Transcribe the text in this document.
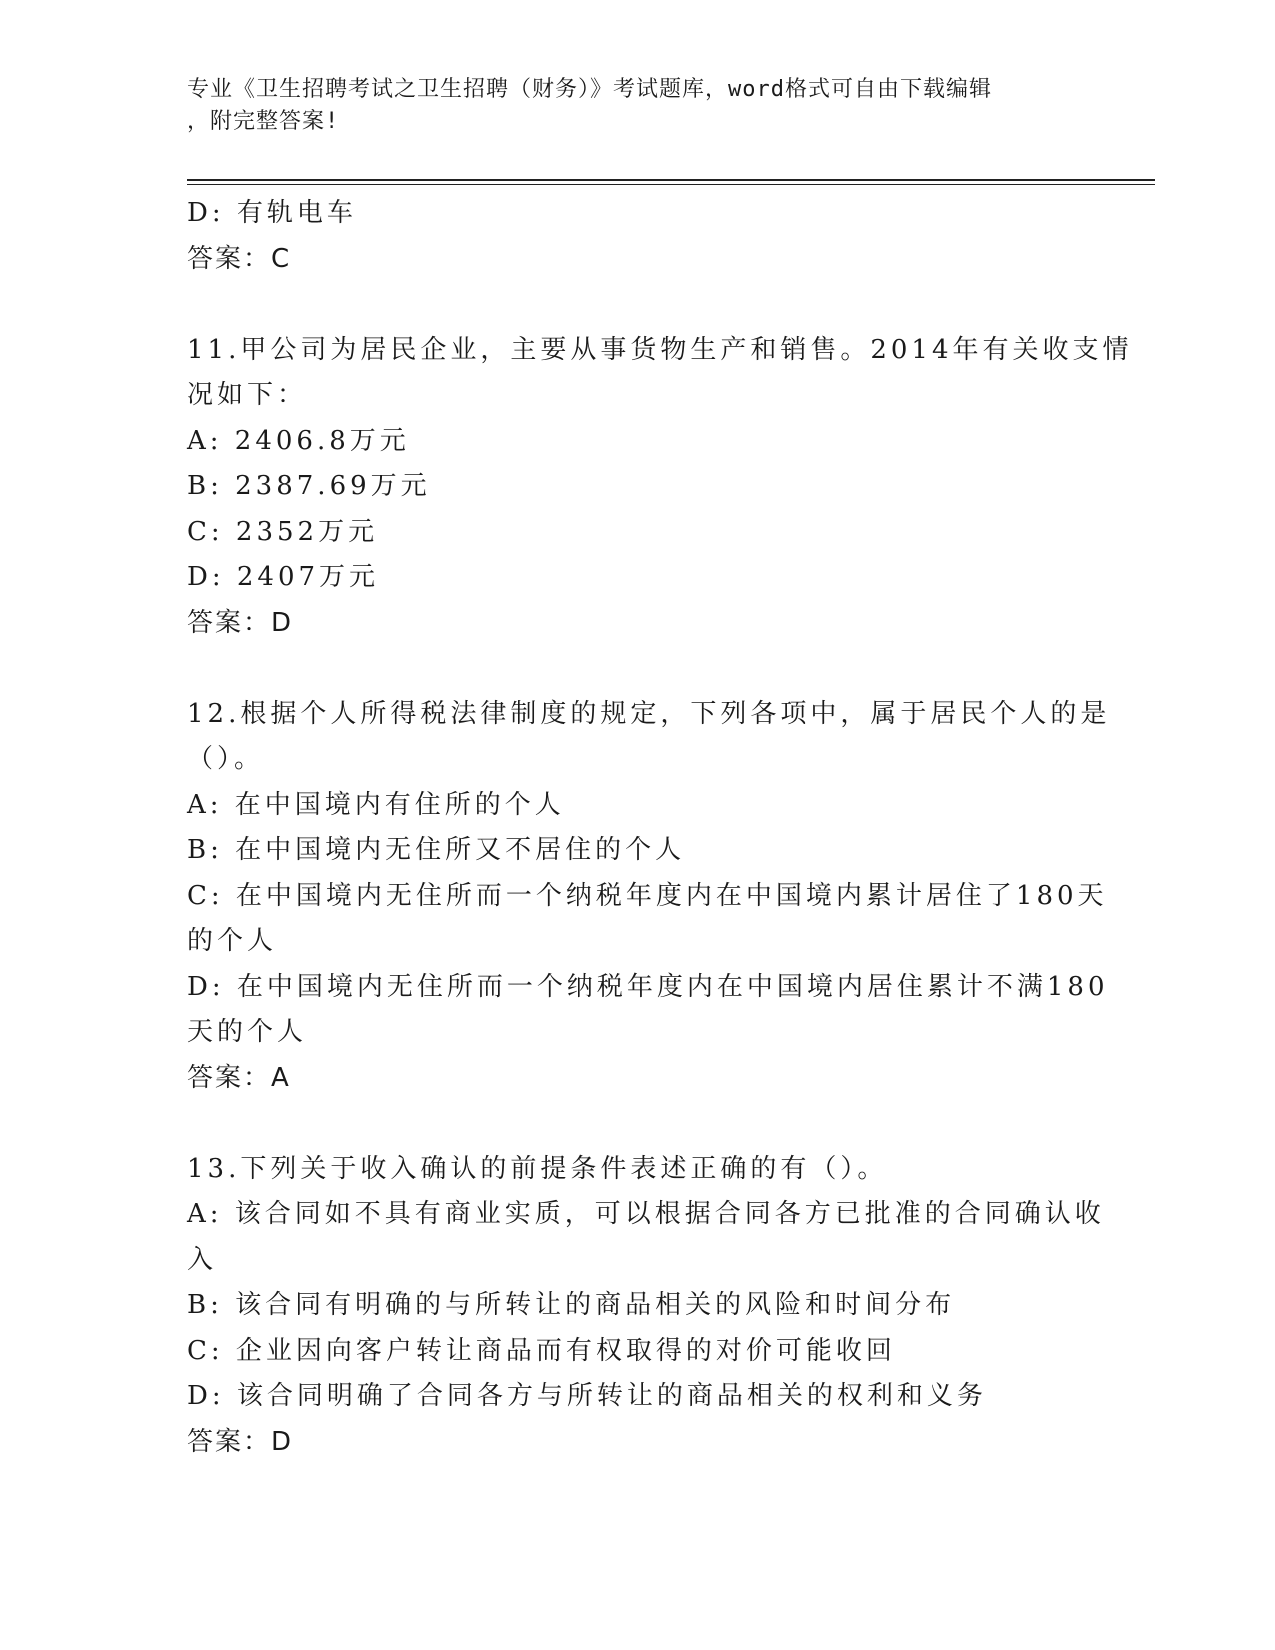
专业《卫生招聘考试之卫生招聘（财务）》考试题库，word格式可自由下载编辑
，附完整答案!
D: 有轨电车
答案：C
11.甲公司为居民企业，主要从事货物生产和销售。2014年有关收支情
况如下：
A: 2406.8万元
B: 2387.69万元
C: 2352万元
D: 2407万元
答案：D
12.根据个人所得税法律制度的规定，下列各项中，属于居民个人的是
（）。
A: 在中国境内有住所的个人
B: 在中国境内无住所又不居住的个人
C: 在中国境内无住所而一个纳税年度内在中国境内累计居住了180天
的个人
D: 在中国境内无住所而一个纳税年度内在中国境内居住累计不满180
天的个人
答案：A
13.下列关于收入确认的前提条件表述正确的有（）。
A: 该合同如不具有商业实质，可以根据合同各方已批准的合同确认收
入
B: 该合同有明确的与所转让的商品相关的风险和时间分布
C: 企业因向客户转让商品而有权取得的对价可能收回
D: 该合同明确了合同各方与所转让的商品相关的权利和义务
答案：D
